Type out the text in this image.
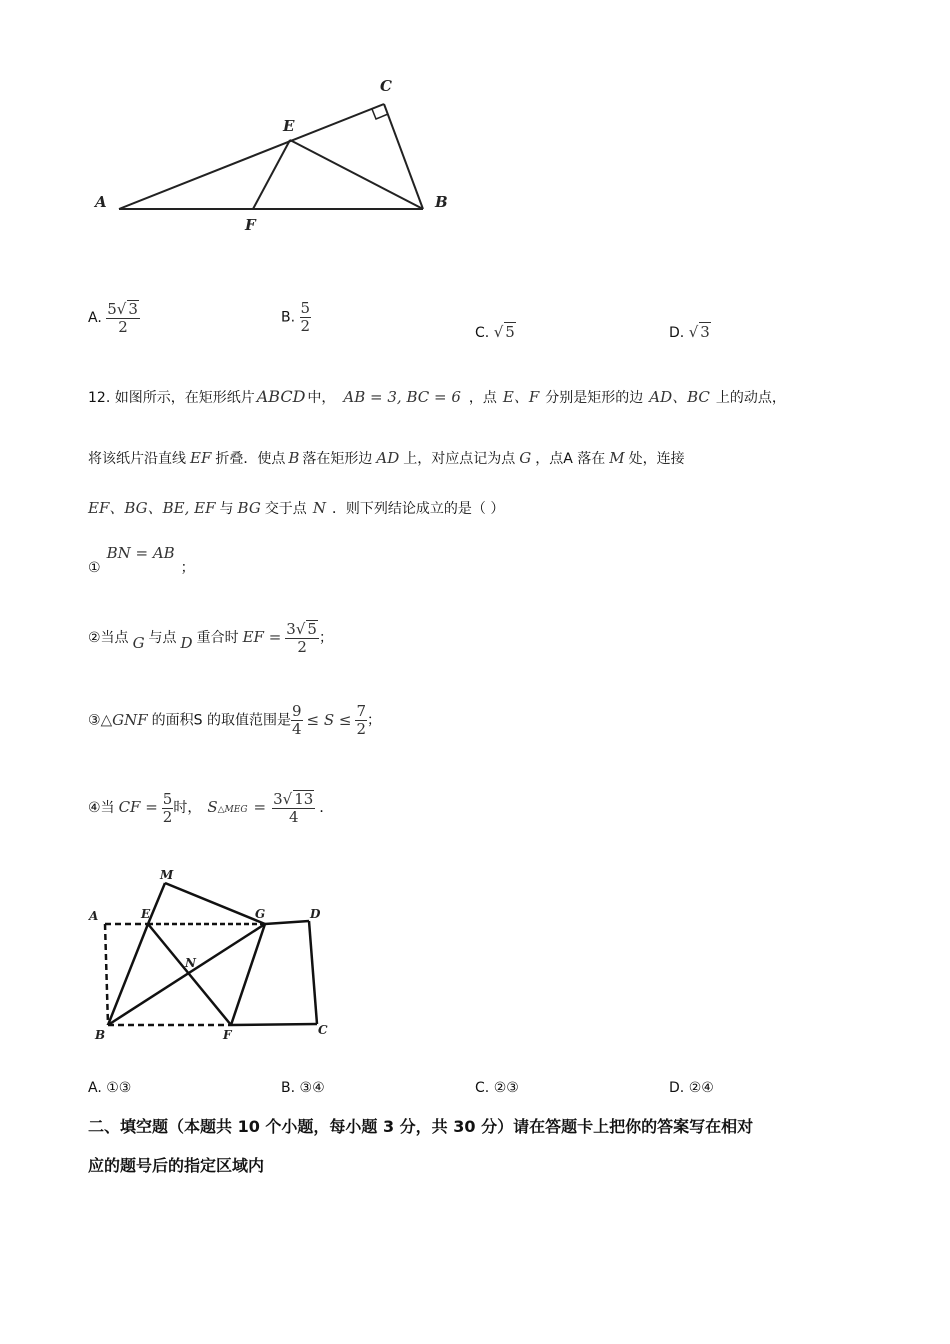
A	B
C
E
F
A. $\frac{5√ 3}{2}$	B. $\frac{5}{2}$	C. √ 5	D. √ 3
12. 如图所示，在矩形纸片 ABCD 中， AB = 3, BC = 6 ，点 E、F 分别是矩形的边 AD、BC 上的动点，
将该纸片沿直线 EF 折叠．使点 B 落在矩形边 AD 上，对应点记为点 G ，点A 落在 M 处，连接
EF、BG、BE, EF 与 BG 交于点 N ．则下列结论成立的是（ ）
①BN = AB；
②当点 G 与点 D 重合时 EF = $\frac{3√ 5}{2}$ ；
③△GNF 的面积S 的取值范围是 $\frac{9}{4} \le S \le \frac{7}{2}$ ；
④当 CF = $\frac{5}{2}$ 时， S△MEG = $\frac{3√ 13}{4}$ ．
A	E
M
G	D
N
B	F	C
A. ①③	B. ③④	C. ②③	D. ②④
二、填空题（本题共 10 个小题，每小题 3 分，共 30 分）请在答题卡上把你的答案写在相对
应的题号后的指定区域内
